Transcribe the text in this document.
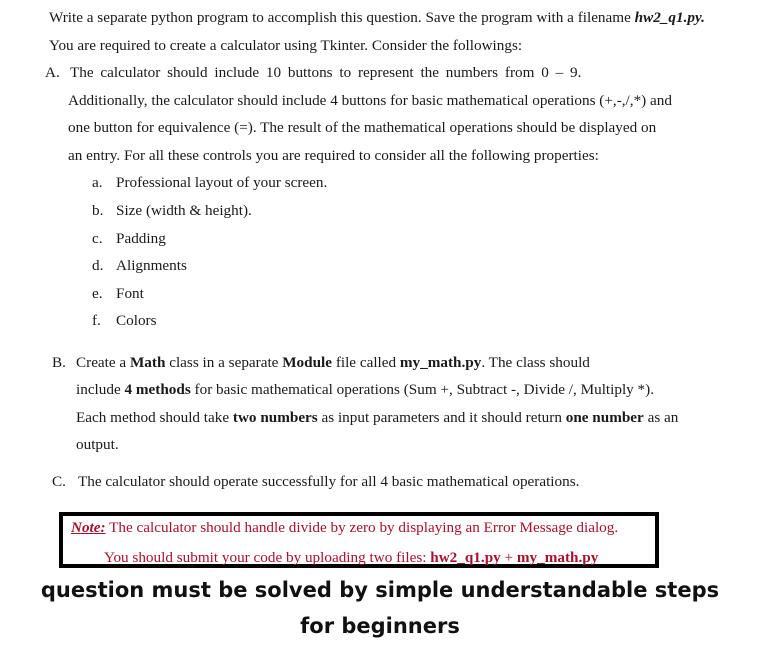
Write a separate python program to accomplish this question. Save the program with a filename hw2_q1.py.
You are required to create a calculator using Tkinter. Consider the followings:
A. The calculator should include 10 buttons to represent the numbers from 0 – 9.
Additionally, the calculator should include 4 buttons for basic mathematical operations (+,-,/,*) and
one button for equivalence (=). The result of the mathematical operations should be displayed on
an entry. For all these controls you are required to consider all the following properties:
a. Professional layout of your screen.
b. Size (width & height).
c. Padding
d. Alignments
e. Font
f. Colors
B. Create a Math class in a separate Module file called my_math.py. The class should
include 4 methods for basic mathematical operations (Sum +, Subtract -, Divide /, Multiply *).
Each method should take two numbers as input parameters and it should return one number as an
output.
C. The calculator should operate successfully for all 4 basic mathematical operations.
Note: The calculator should handle divide by zero by displaying an Error Message dialog.
You should submit your code by uploading two files: hw2_q1.py + my_math.py
question must be solved by simple understandable steps
for beginners
